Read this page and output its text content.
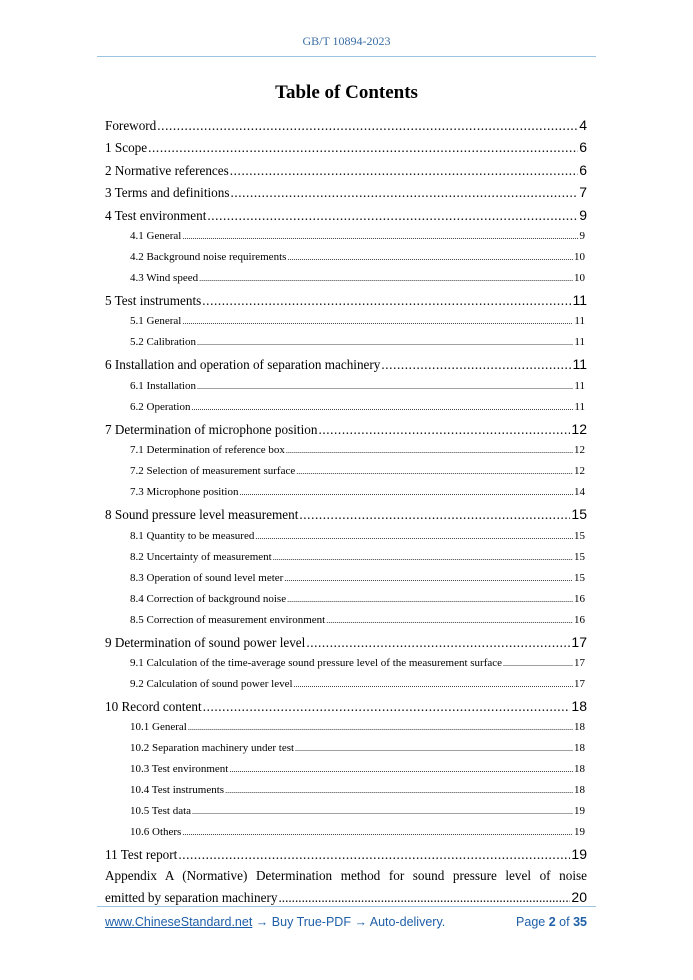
GB/T 10894-2023
Table of Contents
Foreword .....	4
1 Scope .....	6
2 Normative references .....	6
3 Terms and definitions .....	7
4 Test environment .....	9
4.1 General .....	9
4.2 Background noise requirements .....	10
4.3 Wind speed .....	10
5 Test instruments .....	11
5.1 General .....	11
5.2 Calibration .....	11
6 Installation and operation of separation machinery .....	11
6.1 Installation .....	11
6.2 Operation .....	11
7 Determination of microphone position .....	12
7.1 Determination of reference box .....	12
7.2 Selection of measurement surface .....	12
7.3 Microphone position .....	14
8 Sound pressure level measurement .....	15
8.1 Quantity to be measured .....	15
8.2 Uncertainty of measurement .....	15
8.3 Operation of sound level meter .....	15
8.4 Correction of background noise .....	16
8.5 Correction of measurement environment .....	16
9 Determination of sound power level .....	17
9.1 Calculation of the time-average sound pressure level of the measurement surface .....	17
9.2 Calculation of sound power level .....	17
10 Record content .....	18
10.1 General .....	18
10.2 Separation machinery under test .....	18
10.3 Test environment .....	18
10.4 Test instruments .....	18
10.5 Test data .....	19
10.6 Others .....	19
11 Test report .....	19
Appendix A (Normative) Determination method for sound pressure level of noise
emitted by separation machinery .....	20
www.ChineseStandard.net → Buy True-PDF → Auto-delivery.	Page 2 of 35
